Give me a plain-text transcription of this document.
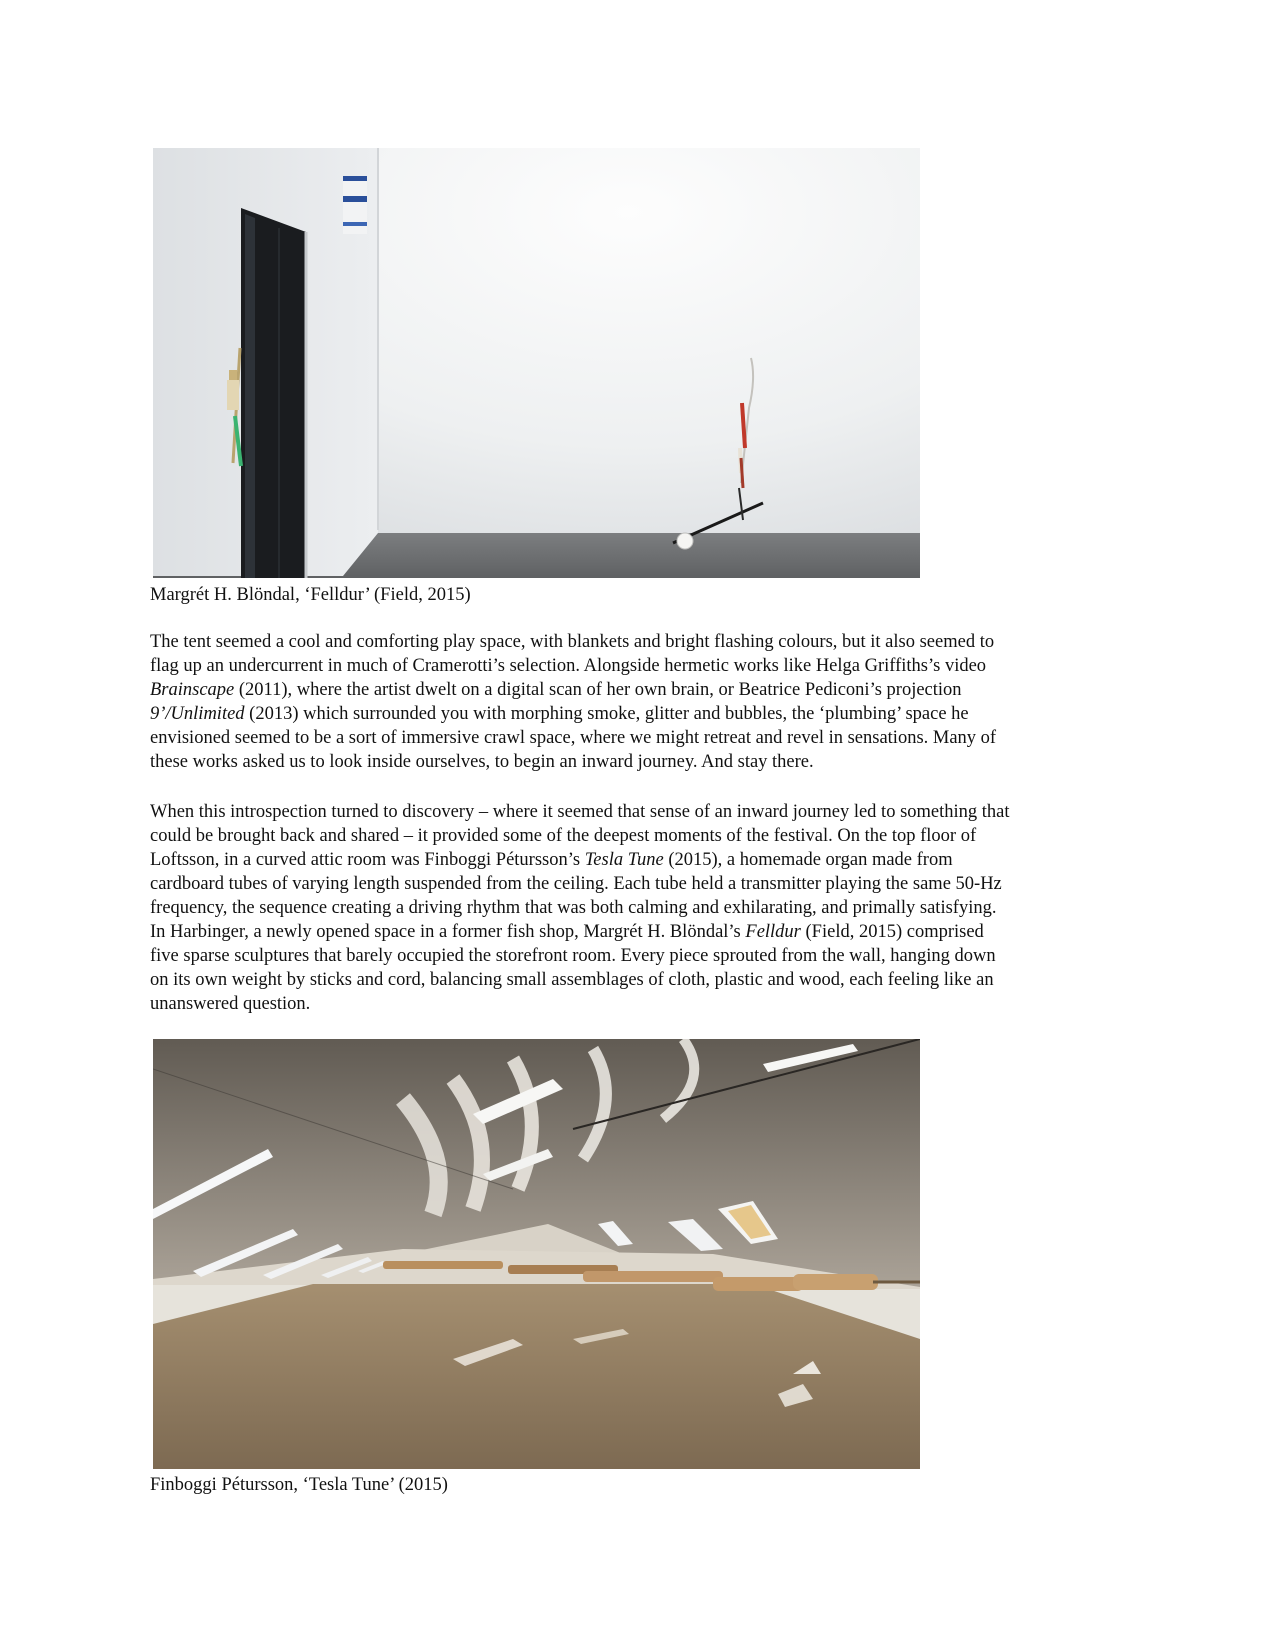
Margrét H. Blöndal, ‘Felldur’ (Field, 2015)
The tent seemed a cool and comforting play space, with blankets and bright flashing colours, but it also seemed to
flag up an undercurrent in much of Cramerotti’s selection. Alongside hermetic works like Helga Griffiths’s video
Brainscape (2011), where the artist dwelt on a digital scan of her own brain, or Beatrice Pediconi’s projection
9’/Unlimited (2013) which surrounded you with morphing smoke, glitter and bubbles, the ‘plumbing’ space he
envisioned seemed to be a sort of immersive crawl space, where we might retreat and revel in sensations. Many of
these works asked us to look inside ourselves, to begin an inward journey. And stay there.
When this introspection turned to discovery – where it seemed that sense of an inward journey led to something that
could be brought back and shared – it provided some of the deepest moments of the festival. On the top floor of
Loftsson, in a curved attic room was Finboggi Pétursson’s Tesla Tune (2015), a homemade organ made from
cardboard tubes of varying length suspended from the ceiling. Each tube held a transmitter playing the same 50-Hz
frequency, the sequence creating a driving rhythm that was both calming and exhilarating, and primally satisfying.
In Harbinger, a newly opened space in a former fish shop, Margrét H. Blöndal’s Felldur (Field, 2015) comprised
five sparse sculptures that barely occupied the storefront room. Every piece sprouted from the wall, hanging down
on its own weight by sticks and cord, balancing small assemblages of cloth, plastic and wood, each feeling like an
unanswered question.
Finboggi Pétursson, ‘Tesla Tune’ (2015)
